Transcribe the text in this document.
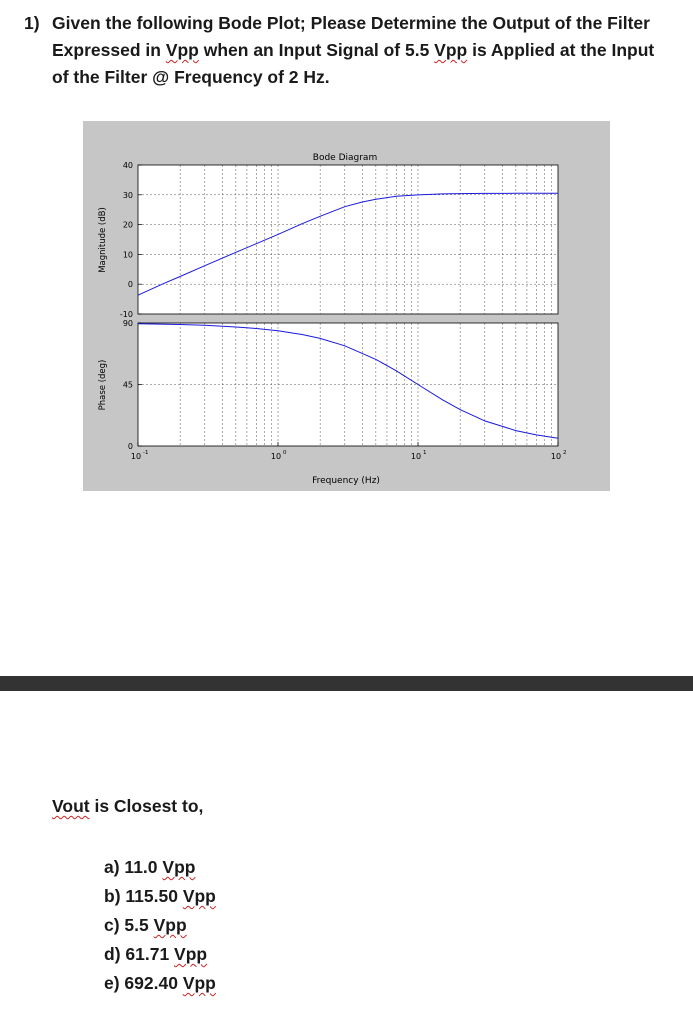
1) Given the following Bode Plot; Please Determine the Output of the Filter
Expressed in Vpp when an Input Signal of 5.5 Vpp is Applied at the Input
of the Filter @ Frequency of 2 Hz.
40
30
20
10
0
-10
90
45
0
10 -1	10 0	10 1	10 2
Bode Diagram
Frequency (Hz)
Magnitude (dB)
Phase (deg)

Vout is Closest to,

a) 11.0 Vpp
b) 115.50 Vpp
c) 5.5 Vpp
d) 61.71 Vpp
e) 692.40 Vpp
